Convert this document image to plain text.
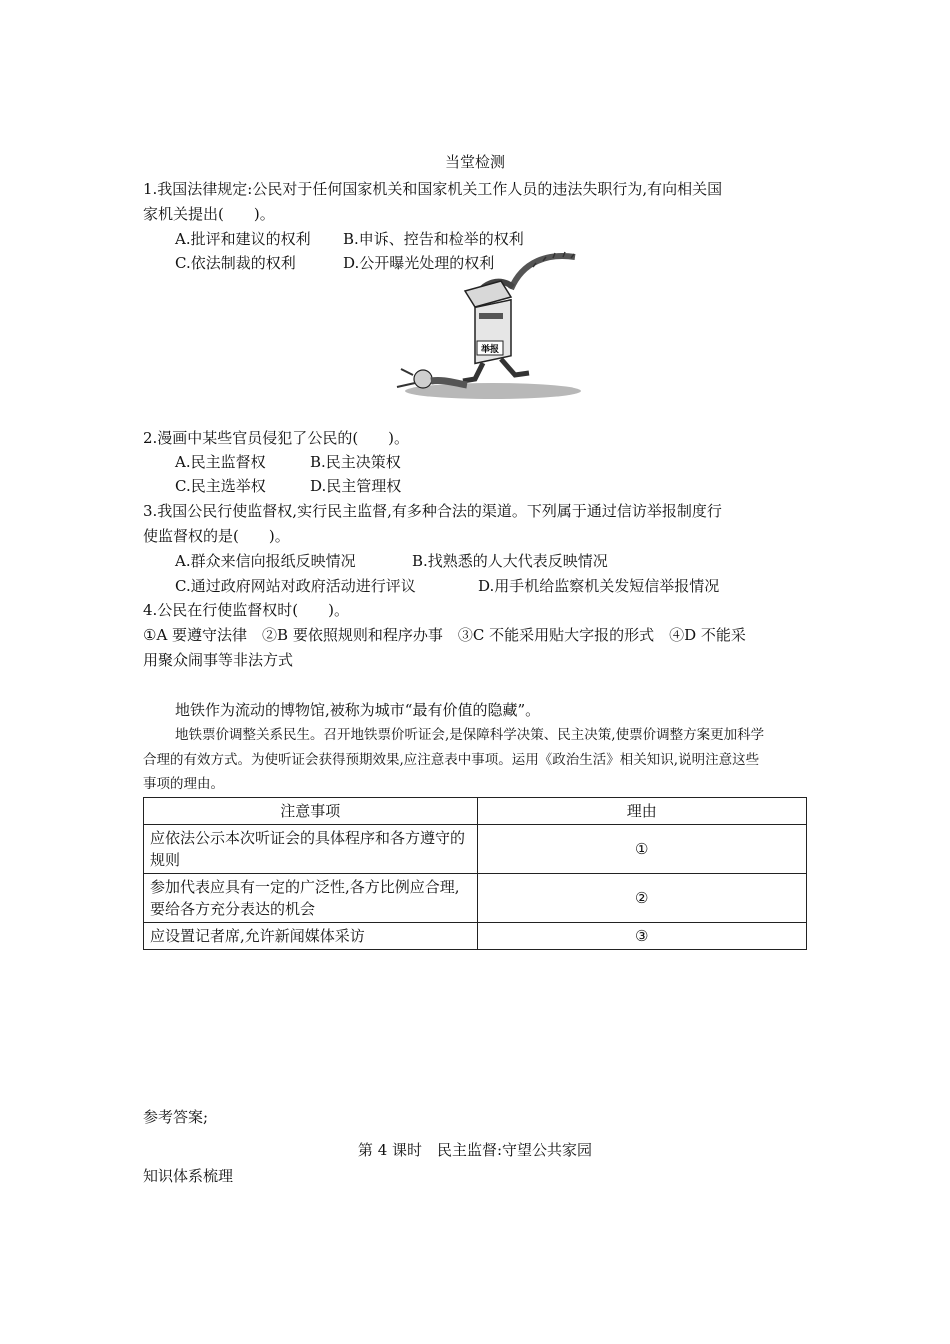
当堂检测
1.我国法律规定:公民对于任何国家机关和国家机关工作人员的违法失职行为,有向相关国
家机关提出(　　)。
A.批评和建议的权利 B.申诉、控告和检举的权利
C.依法制裁的权利	D.公开曝光处理的权利
举报
2.漫画中某些官员侵犯了公民的(　　)。
A.民主监督权	B.民主决策权
C.民主选举权	D.民主管理权
3.我国公民行使监督权,实行民主监督,有多种合法的渠道。下列属于通过信访举报制度行
使监督权的是(　　)。
A.群众来信向报纸反映情况	B.找熟悉的人大代表反映情况
C.通过政府网站对政府活动进行评议	D.用手机给监察机关发短信举报情况
4.公民在行使监督权时(　　)。
①A 要遵守法律　②B 要依照规则和程序办事　③C 不能采用贴大字报的形式　④D 不能采
用聚众闹事等非法方式
地铁作为流动的博物馆,被称为城市“最有价值的隐藏”。
地铁票价调整关系民生。召开地铁票价听证会,是保障科学决策、民主决策,使票价调整方案更加科学
合理的有效方式。为使听证会获得预期效果,应注意表中事项。运用《政治生活》相关知识,说明注意这些
事项的理由。
注意事项	理由
应依法公示本次听证会的具体程序和各方遵守的规则	①
参加代表应具有一定的广泛性,各方比例应合理,要给各方充分表达的机会	②
应设置记者席,允许新闻媒体采访	③
参考答案;
第 4 课时　民主监督:守望公共家园
知识体系梳理
